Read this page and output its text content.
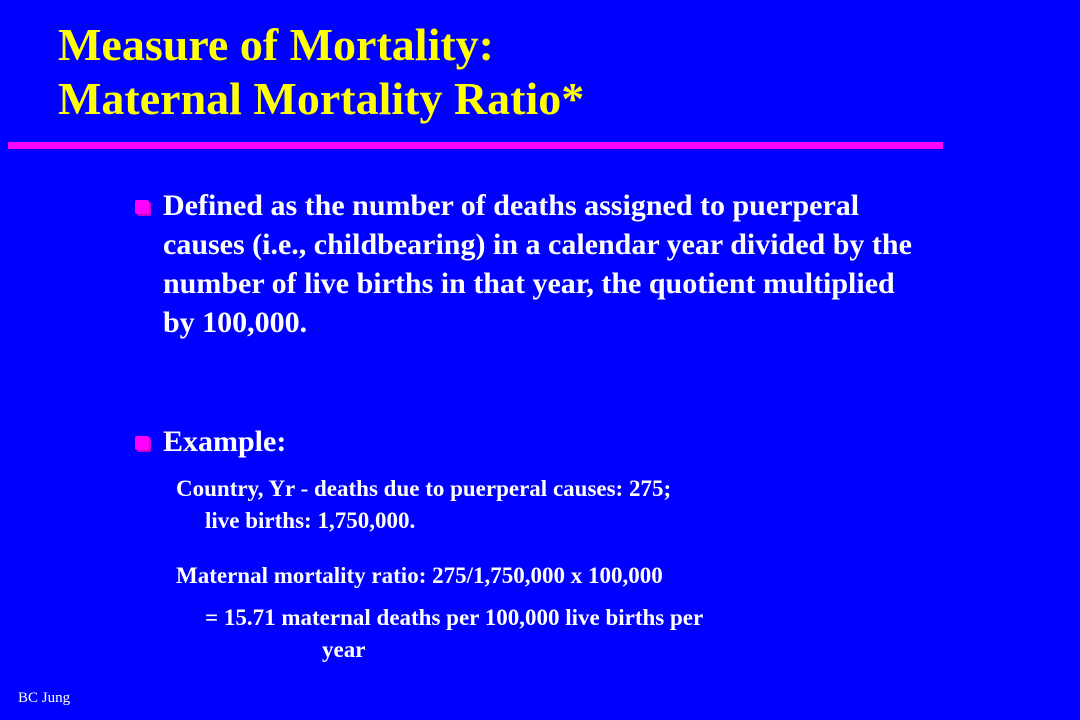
Measure of Mortality:
Maternal Mortality Ratio*

Defined as the number of deaths assigned to puerperal causes (i.e., childbearing) in a calendar year divided by the number of live births in that year, the quotient multiplied by 100,000.

Example:

Country, Yr - deaths due to puerperal causes: 275;

live births: 1,750,000.

Maternal mortality ratio: 275/1,750,000 x 100,000

= 15.71 maternal deaths per 100,000 live births per

year

BC Jung
